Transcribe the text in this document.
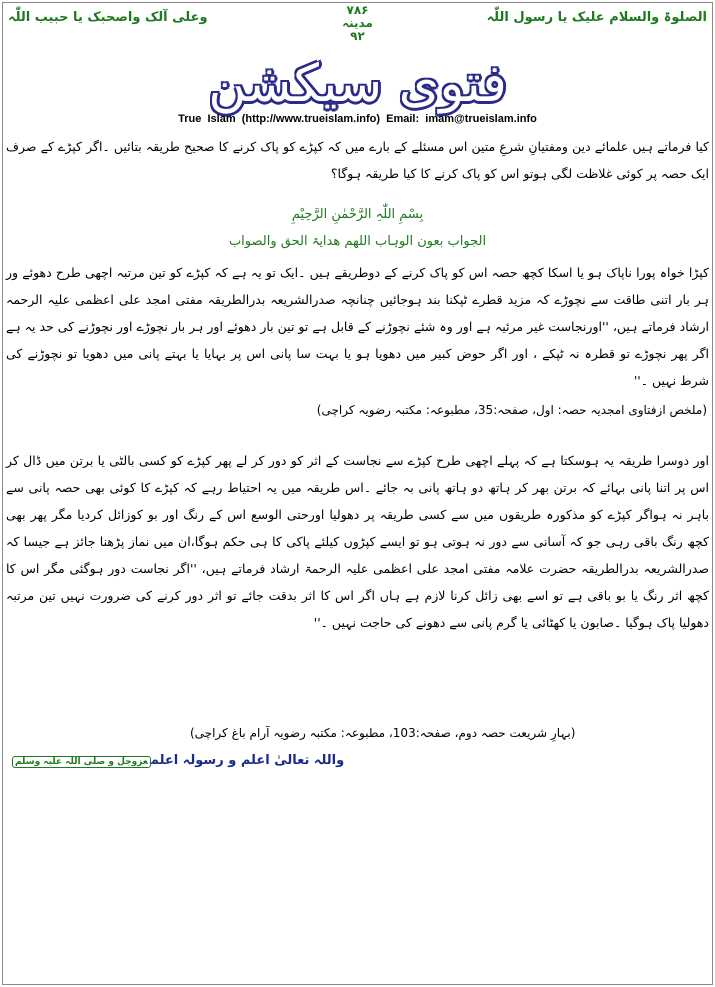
الصلوۃ والسلام علیک یا رسول اللّٰہ
وعلی آلک واصحبک یا حبیب اللّٰہ	۷۸۶
مدینہ
۹۲
فتوی سیکشن
True  Islam  (http://www.trueislam.info)  Email:  imam@trueislam.info

کیا فرماتے ہیں علمائے دین ومفتیانِ شرعِ متین اس مسئلے کے بارے میں کہ کپڑے کو پاک کرنے کا صحیح طریقہ بتائیں ۔اگر کپڑے کے صرف ایک حصہ پر کوئی غلاظت لگی ہوتو اس کو پاک کرنے کا کیا طریقہ ہوگا؟

بِسْمِ اللّٰہِ الرَّحْمٰنِ الرَّحِیْمِ
الجواب بعون الوہاب اللھم ھدایۃ الحق والصواب

کپڑا خواہ پورا ناپاک ہو یا اسکا کچھ حصہ اس کو پاک کرنے کے دوطریقے ہیں ۔ایک تو یہ ہے کہ کپڑے کو تین مرتبہ اچھی طرح دھوئے ور ہر بار اتنی طاقت سے نچوڑے کہ مزید قطرے ٹپکنا بند ہوجائیں چنانچہ صدرالشریعہ بدرالطریقہ مفتی امجد علی اعظمی علیہ الرحمہ ارشاد فرماتے ہیں، ''اورنجاست غیر مرئیہ ہے اور وہ شئے نچوڑنے کے قابل ہے تو تین بار دھوئے اور ہر بار نچوڑے اور نچوڑنے کی حد یہ ہے اگر پھر نچوڑے تو قطرہ نہ ٹپکے ، اور اگر حوض کبیر میں دھویا ہو یا بہت سا پانی اس پر بہایا یا بہتے پانی میں دھویا تو نچوڑنے کی شرط نہیں ۔''

(ملخص ازفتاوی امجدیہ حصہ: اول، صفحہ:35، مطبوعہ: مکتبہ رضویہ کراچی)

اور دوسرا طریقہ یہ ہوسکتا ہے کہ پہلے اچھی طرح کپڑے سے نجاست کے اثر کو دور کر لے پھر کپڑے کو کسی بالٹی یا برتن میں ڈال کر اس پر اتنا پانی بہائے کہ برتن بھر کر ہاتھ دو ہاتھ پانی بہ جائے ۔اس طریقہ میں یہ احتیاط رہے کہ کپڑے کا کوئی بھی حصہ پانی سے باہر نہ ہواگر کپڑے کو مذکورہ طریقوں میں سے کسی طریقہ پر دھولیا اورحتی الوسع اس کے رنگ اور بو کوزائل کردیا مگر پھر بھی کچھ رنگ باقی رہی جو کہ آسانی سے دور نہ ہوتی ہو تو ایسے کپڑوں کیلئے پاکی کا ہی حکم ہوگا،ان میں نماز پڑھنا جائز ہے جیسا کہ صدرالشریعہ بدرالطریقہ حضرت علامہ مفتی امجد علی اعظمی علیہ الرحمۃ ارشاد فرماتے ہیں، ''اگر نجاست دور ہوگئی مگر اس کا کچھ اثر رنگ یا بو باقی ہے تو اسے بھی زائل کرنا لازم ہے ہاں اگر اس کا اثر بدقت جائے تو اثر دور کرنے کی ضرورت نہیں تین مرتبہ دھولیا پاک ہوگیا ۔صابون یا کھٹائی یا گرم پانی سے دھونے کی حاجت نہیں ۔''

(بہارِ شریعت حصہ دوم، صفحہ:103، مطبوعہ: مکتبہ رضویہ آرام باغ کراچی)
واللہ تعالیٰ اعلم و رسولہ اعلمعزوجل و صلی اللہ علیہ وسلم
